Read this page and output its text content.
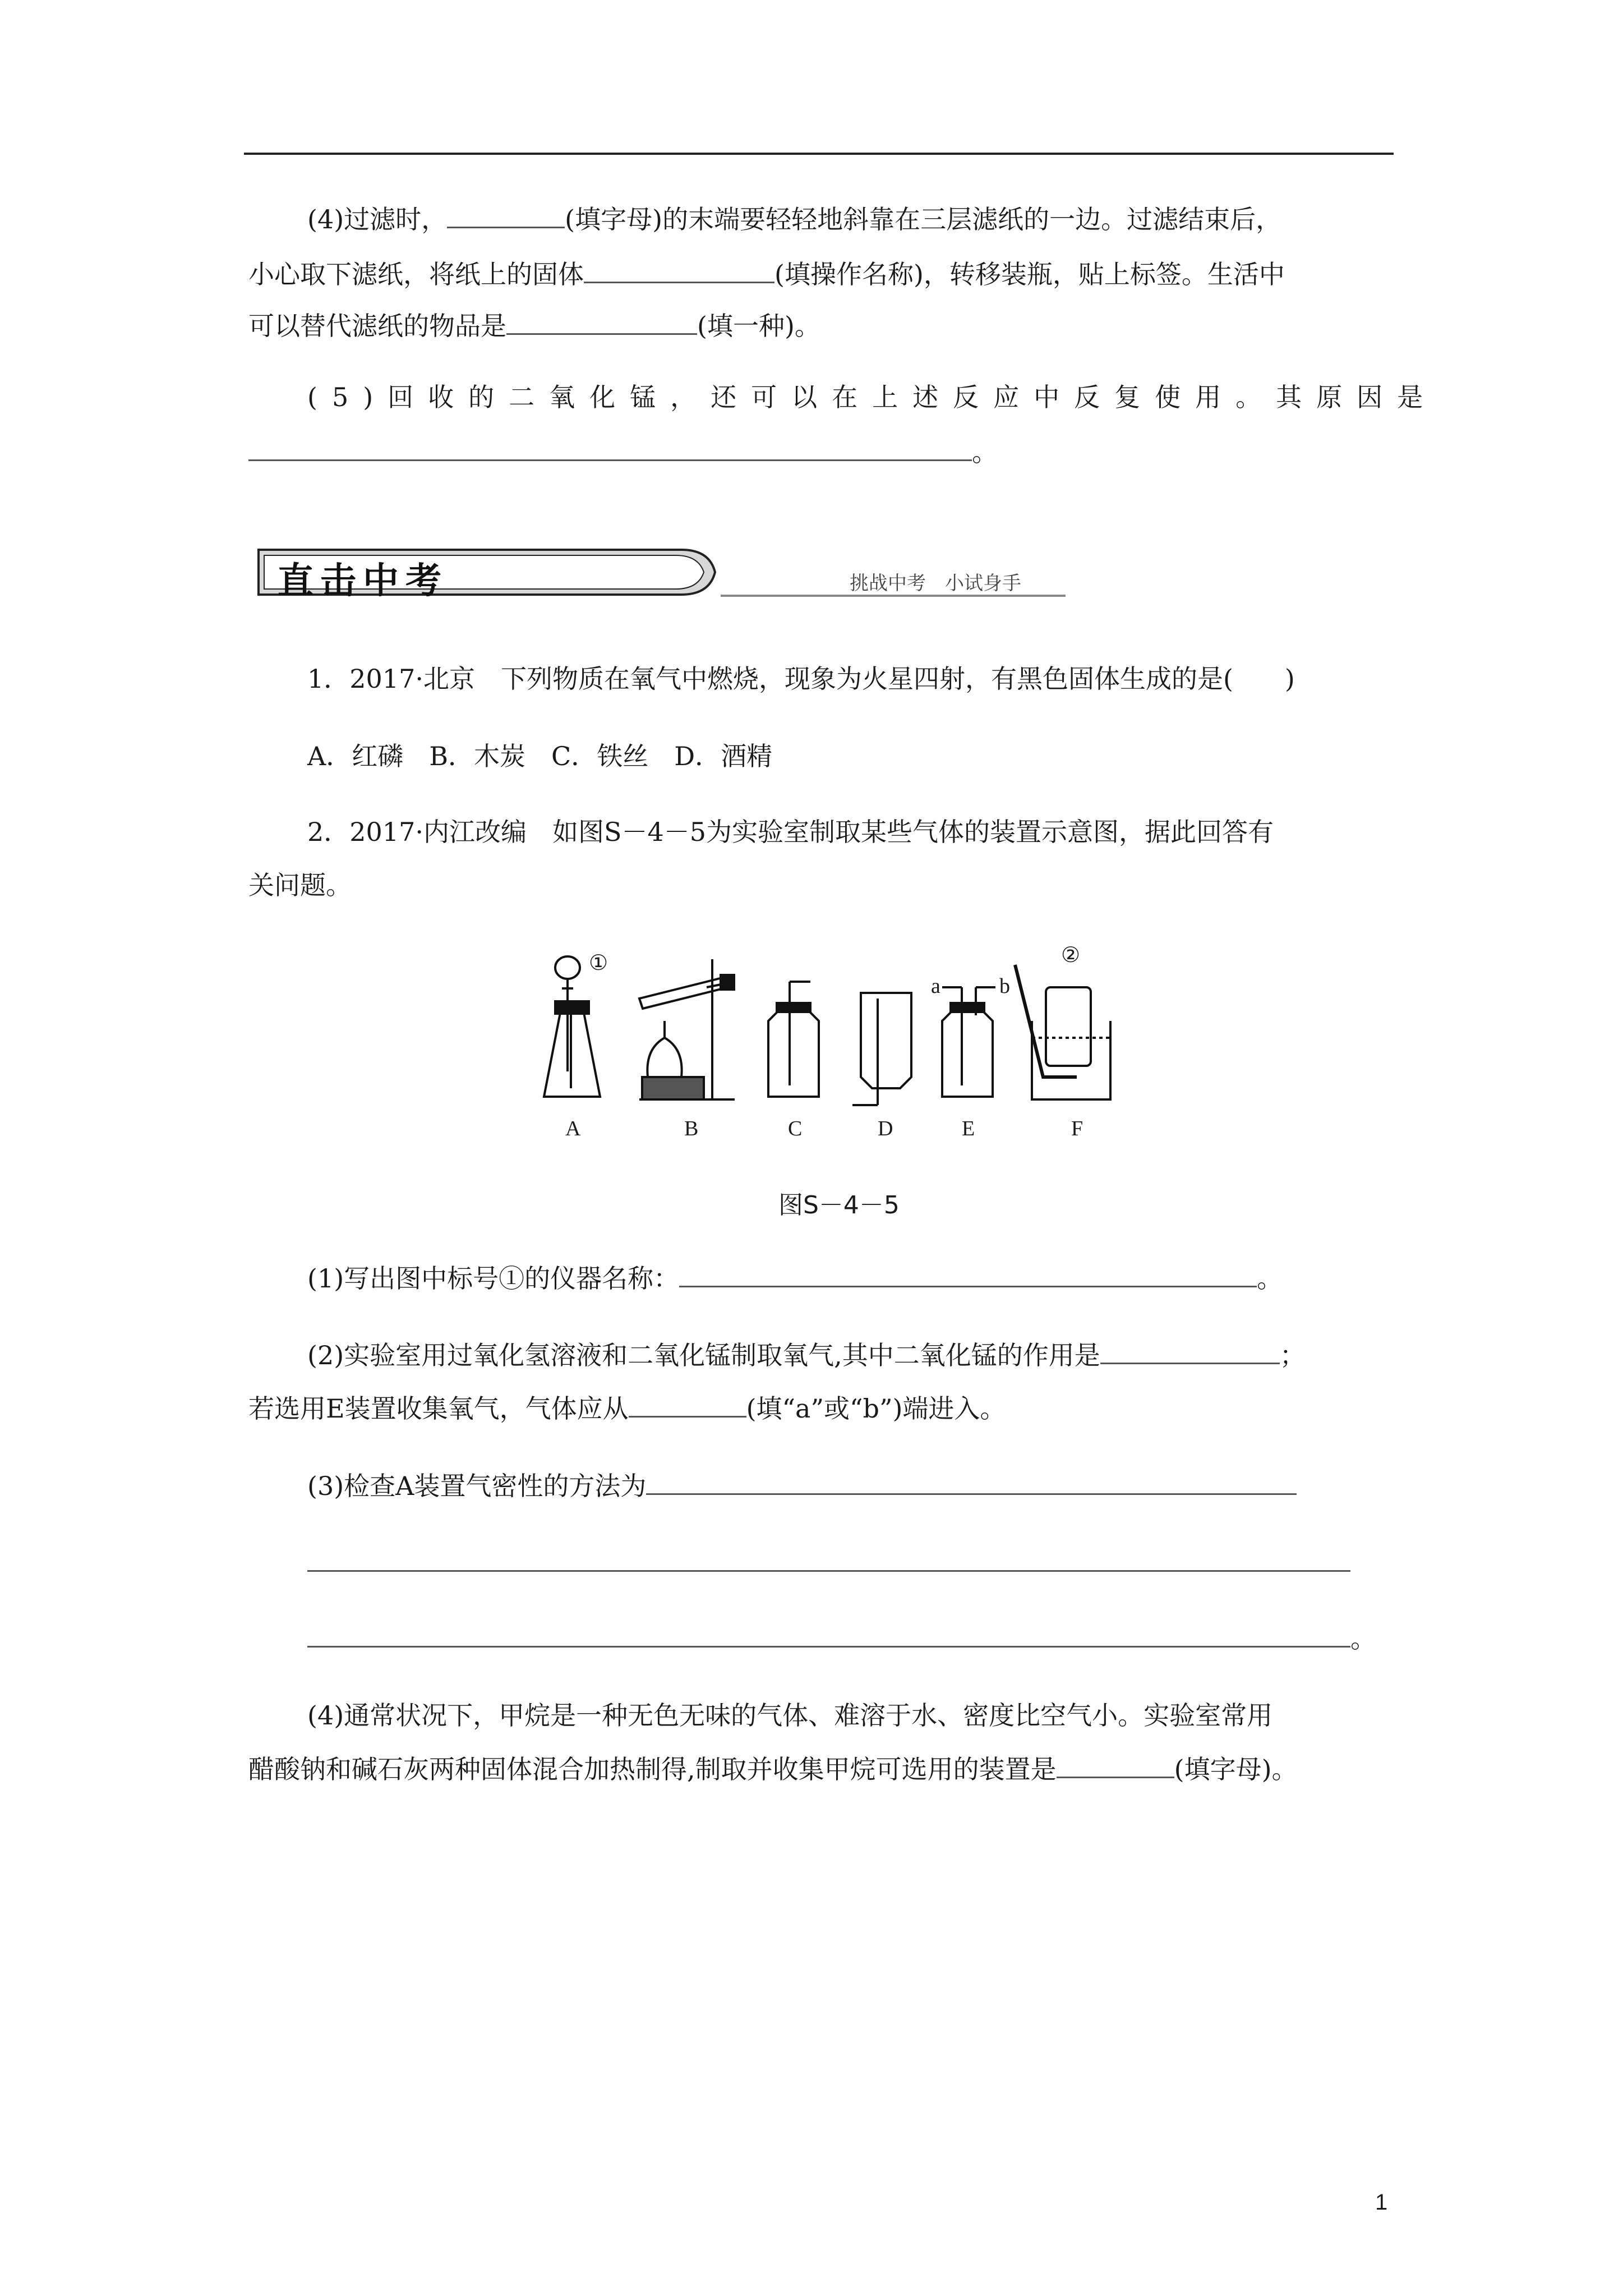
(4)过滤时，	(填字母)的末端要轻轻地斜靠在三层滤纸的一边。过滤结束后，
小心取下滤纸，将纸上的固体	(填操作名称)，转移装瓶，贴上标签。生活中
可以替代滤纸的物品是	(填一种)。
(5)回收的二氧化锰，还可以在上述反应中反复使用。其原因是
。
直击中考	挑战中考　小试身手
1．2017·北京　下列物质在氧气中燃烧，现象为火星四射，有黑色固体生成的是(　　)
A．红磷　B．木炭　C．铁丝　D．酒精
2．2017·内江改编　如图S－4－5为实验室制取某些气体的装置示意图，据此回答有
关问题。
①	②
a	b
A	B	C	D	E	F
图S－4－5
(1)写出图中标号①的仪器名称：	。
(2)实验室用过氧化氢溶液和二氧化锰制取氧气,其中二氧化锰的作用是	；
若选用E装置收集氧气，气体应从	(填“a”或“b”)端进入。
(3)检查A装置气密性的方法为
。
(4)通常状况下，甲烷是一种无色无味的气体、难溶于水、密度比空气小。实验室常用
醋酸钠和碱石灰两种固体混合加热制得,制取并收集甲烷可选用的装置是	(填字母)。
1
